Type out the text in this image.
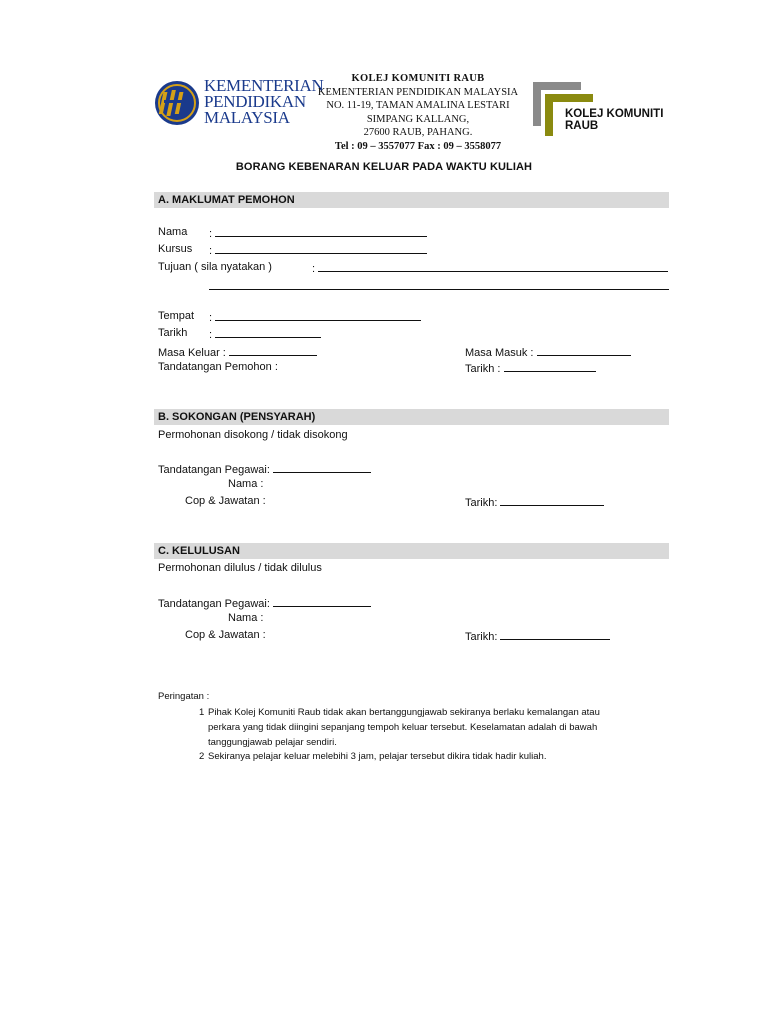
KEMENTERIAN
PENDIDIKAN
MALAYSIA
KOLEJ KOMUNITI RAUB
KEMENTERIAN PENDIDIKAN MALAYSIA
NO. 11-19, TAMAN AMALINA LESTARI
SIMPANG KALLANG,
27600 RAUB, PAHANG.
Tel : 09 – 3557077 Fax : 09 – 3558077
KOLEJ KOMUNITI
RAUB
BORANG KEBENARAN KELUAR PADA WAKTU KULIAH
A. MAKLUMAT PEMOHON
Nama :
Kursus :
Tujuan ( sila nyatakan )	:
Tempat :
Tarikh :
Masa Keluar :	Masa Masuk :
Tandatangan Pemohon :	Tarikh :
B. SOKONGAN (PENSYARAH)
Permohonan disokong / tidak disokong
Tandatangan Pegawai:
Nama :
Cop & Jawatan :	Tarikh:
C. KELULUSAN
Permohonan dilulus / tidak dilulus
Tandatangan Pegawai:
Nama :
Cop & Jawatan :	Tarikh:
Peringatan :
1 Pihak Kolej Komuniti Raub tidak akan bertanggungjawab sekiranya berlaku kemalangan atau
perkara yang tidak diingini sepanjang tempoh keluar tersebut. Keselamatan adalah di bawah
tanggungjawab pelajar sendiri.
2 Sekiranya pelajar keluar melebihi 3 jam, pelajar tersebut dikira tidak hadir kuliah.
